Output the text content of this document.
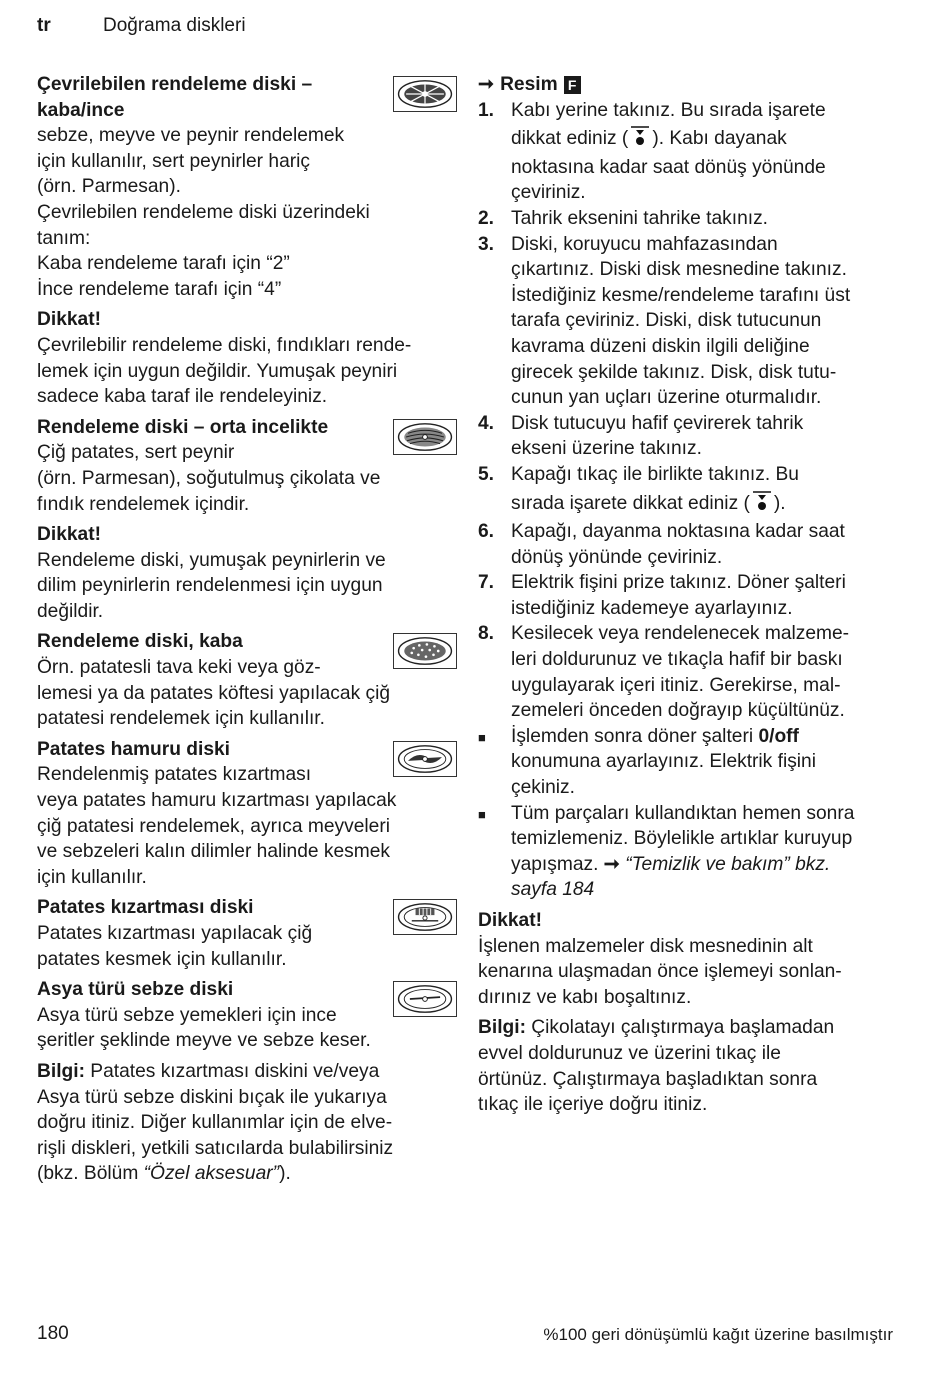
tr	Doğrama diskleri
Çevrilebilen rendeleme diski –
kaba/ince
sebze, meyve ve peynir rendelemek
için kullanılır, sert peynirler hariç
(örn. Parmesan).
Çevrilebilen rendeleme diski üzerindeki
tanım:
Kaba rendeleme tarafı için “2”
İnce rendeleme tarafı için “4”
Dikkat!
Çevrilebilir rendeleme diski, fındıkları rende-
lemek için uygun değildir. Yumuşak peyniri
sadece kaba taraf ile rendeleyiniz.
Rendeleme diski – orta incelikte
Çiğ patates, sert peynir
(örn. Parmesan), soğutulmuş çikolata ve
fındık rendelemek içindir.
Dikkat!
Rendeleme diski, yumuşak peynirlerin ve
dilim peynirlerin rendelenmesi için uygun
değildir.
Rendeleme diski, kaba
Örn. patatesli tava keki veya göz-
lemesi ya da patates köftesi yapılacak çiğ
patatesi rendelemek için kullanılır.
Patates hamuru diski
Rendelenmiş patates kızartması
veya patates hamuru kızartması yapılacak
çiğ patatesi rendelemek, ayrıca meyveleri
ve sebzeleri kalın dilimler halinde kesmek
için kullanılır.
Patates kızartması diski
Patates kızartması yapılacak çiğ
patates kesmek için kullanılır.
Asya türü sebze diski
Asya türü sebze yemekleri için ince
şeritler şeklinde meyve ve sebze keser.
Bilgi: Patates kızartması diskini ve/veya
Asya türü sebze diskini bıçak ile yukarıya
doğru itiniz. Diğer kullanımlar için de elve-
rişli diskleri, yetkili satıcılarda bulabilirsiniz
(bkz. Bölüm “Özel aksesuar”).
➞ Resim F
1. Kabı yerine takınız. Bu sırada işarete
dikkat ediniz ( ). Kabı dayanak
noktasına kadar saat dönüş yönünde
çeviriniz.
2. Tahrik eksenini tahrike takınız.
3. Diski, koruyucu mahfazasından
çıkartınız. Diski disk mesnedine takınız.
İstediğiniz kesme/rendeleme tarafını üst
tarafa çeviriniz. Diski, disk tutucunun
kavrama düzeni diskin ilgili deliğine
girecek şekilde takınız. Disk, disk tutu-
cunun yan uçları üzerine oturmalıdır.
4. Disk tutucuyu hafif çevirerek tahrik
ekseni üzerine takınız.
5. Kapağı tıkaç ile birlikte takınız. Bu
sırada işarete dikkat ediniz ( ).
6. Kapağı, dayanma noktasına kadar saat
dönüş yönünde çeviriniz.
7. Elektrik fişini prize takınız. Döner şalteri
istediğiniz kademeye ayarlayınız.
8. Kesilecek veya rendelenecek malzeme-
leri doldurunuz ve tıkaçla hafif bir baskı
uygulayarak içeri itiniz. Gerekirse, mal-
zemeleri önceden doğrayıp küçültünüz.
■	İşlemden sonra döner şalteri 0/off
konumuna ayarlayınız. Elektrik fişini
çekiniz.
■	Tüm parçaları kullandıktan hemen sonra
temizlemeniz. Böylelikle artıklar kuruyup
yapışmaz. ➞ “Temizlik ve bakım” bkz.
sayfa 184
Dikkat!
İşlenen malzemeler disk mesnedinin alt
kenarına ulaşmadan önce işlemeyi sonlan-
dırınız ve kabı boşaltınız.
Bilgi: Çikolatayı çalıştırmaya başlamadan
evvel doldurunuz ve üzerini tıkaç ile
örtünüz. Çalıştırmaya başladıktan sonra
tıkaç ile içeriye doğru itiniz.
180	%100 geri dönüşümlü kağıt üzerine basılmıştır
